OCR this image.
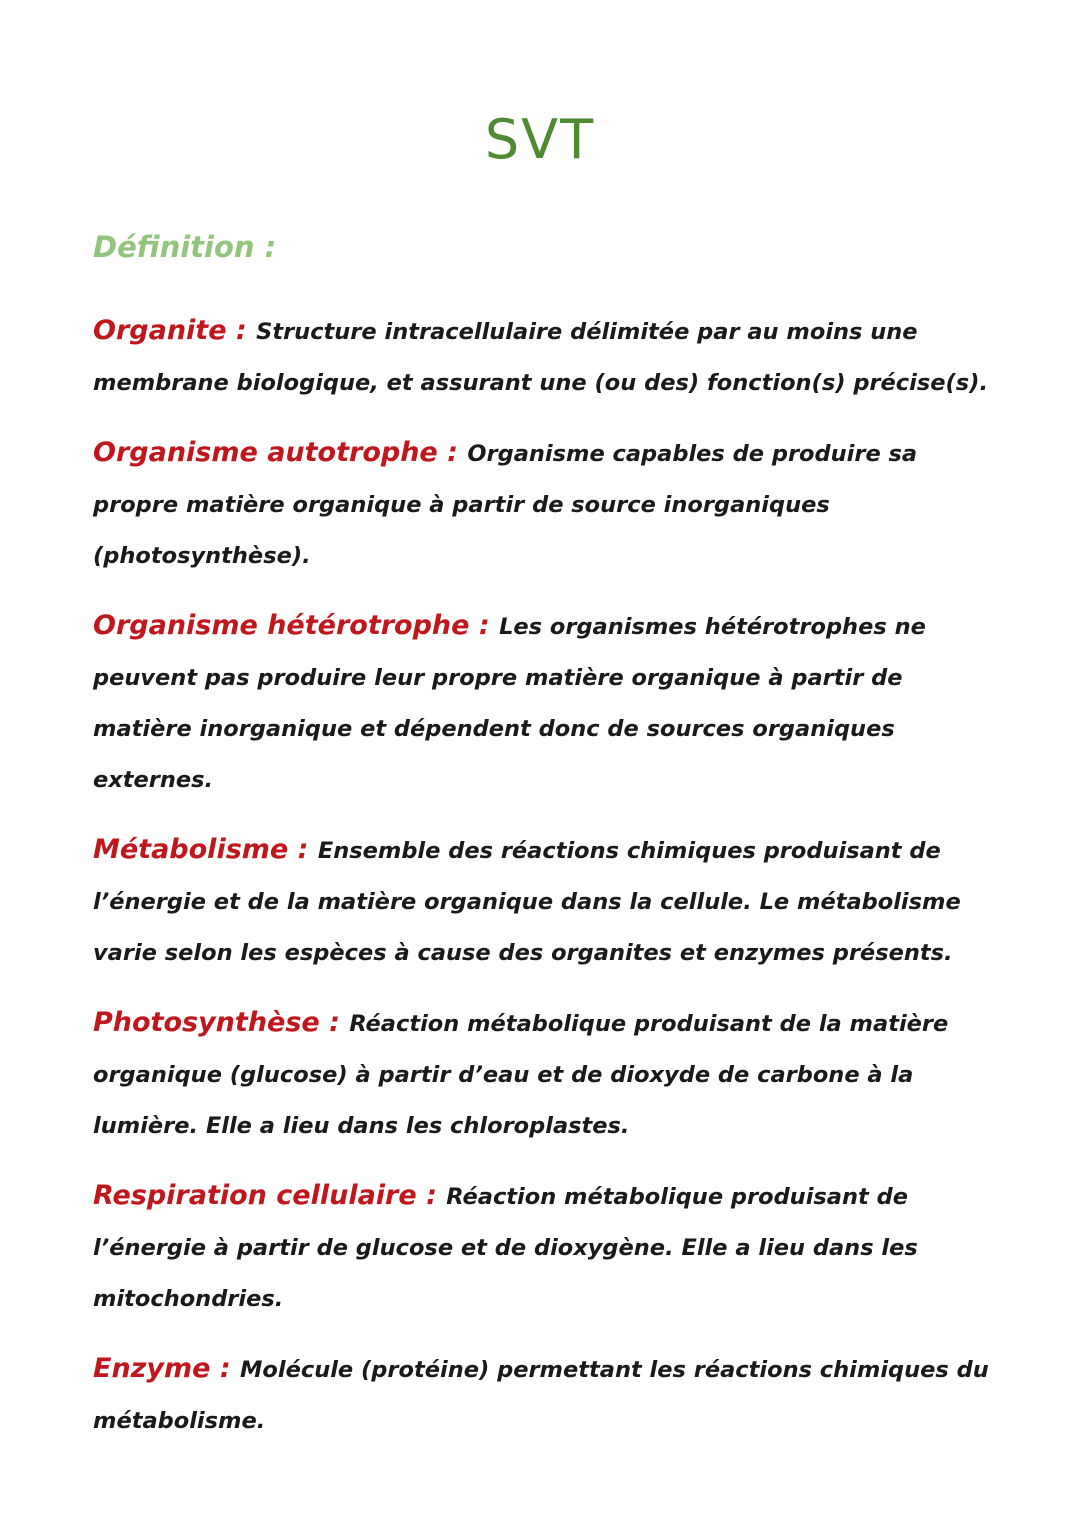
SVT
Définition :

Organite : Structure intracellulaire délimitée par au moins une membrane biologique, et assurant une (ou des) fonction(s) précise(s).

Organisme autotrophe : Organisme capables de produire sa propre matière organique à partir de source inorganiques (photosynthèse).

Organisme hétérotrophe : Les organismes hétérotrophes ne peuvent pas produire leur propre matière organique à partir de matière inorganique et dépendent donc de sources organiques externes.

Métabolisme : Ensemble des réactions chimiques produisant de l’énergie et de la matière organique dans la cellule. Le métabolisme varie selon les espèces à cause des organites et enzymes présents.

Photosynthèse : Réaction métabolique produisant de la matière organique (glucose) à partir d’eau et de dioxyde de carbone à la lumière. Elle a lieu dans les chloroplastes.

Respiration cellulaire : Réaction métabolique produisant de l’énergie à partir de glucose et de dioxygène. Elle a lieu dans les mitochondries.

Enzyme : Molécule (protéine) permettant les réactions chimiques du métabolisme.
